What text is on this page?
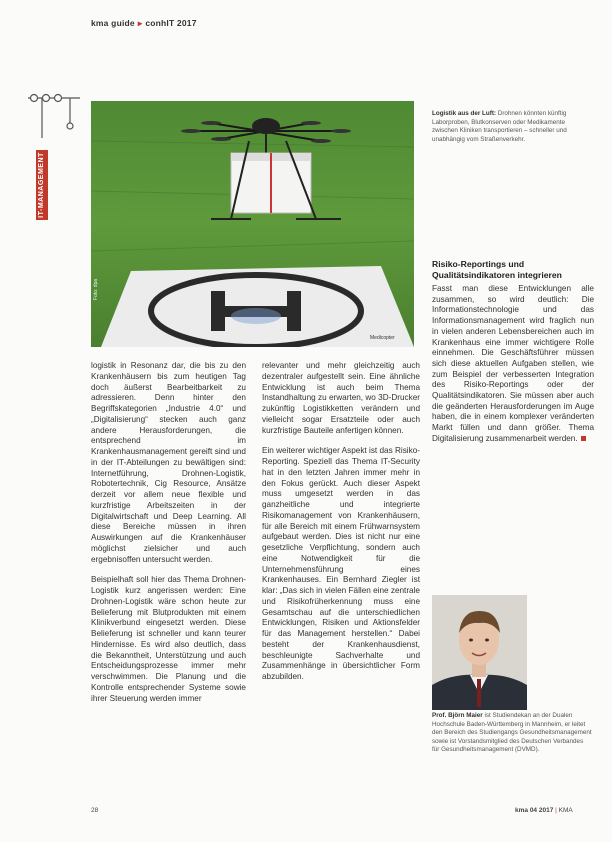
kma guide ▸ conhIT 2017
IT-MANAGEMENT
Foto: dpa
Medicopter
Logistik aus der Luft: Drohnen könnten künftig Laborproben, Blutkonserven oder Medikamente zwischen Kliniken transportieren – schneller und unabhängig vom Straßenverkehr.
Risiko-Reportings und Qualitätsindikatoren integrieren

Fasst man diese Entwicklungen alle zusammen, so wird deutlich: Die Informationstechnologie und das Informationsmanagement wird fraglich nun in vielen anderen Lebensbereichen auch im Krankenhaus eine immer wichtigere Rolle einnehmen. Die Geschäftsführer müssen sich diese aktuellen Aufgaben stellen, wie zum Beispiel der verbesserten Integration des Risiko-Reportings oder der Qualitätsindikatoren. Sie müssen aber auch die geänderten Herausforderungen im Auge haben, die in einem komplexer veränderten Markt füllen und dann größer. Thema Digitalisierung zusammenarbeit werden.

logistik in Resonanz dar, die bis zu den Krankenhäusern bis zum heutigen Tag doch äußerst Bearbeitbarkeit zu adressieren. Denn hinter den Begriffskategorien „Industrie 4.0“ und „Digitalisierung“ stecken auch ganz andere Herausforderungen, die entsprechend im Krankenhausmanagement gereift sind und in der IT-Abteilungen zu bewältigen sind: Internetführung, Drohnen-Logistik, Robotertechnik, Cig Resource, Ansätze derzeit vor allem neue flexible und kurzfristige Arbeitszeiten in der Digitalwirtschaft und Deep Learning. All diese Bereiche müssen in ihren Auswirkungen auf die Krankenhäuser möglichst zielsicher und auch ergebnisoffen untersucht werden.

Beispielhaft soll hier das Thema Drohnen-Logistik kurz angerissen werden: Eine Drohnen-Logistik wäre schon heute zur Belieferung mit Blutprodukten mit einem Klinikverbund eingesetzt werden. Diese Belieferung ist schneller und kann teurer Hindernisse. Es wird also deutlich, dass die Bekanntheit, Unterstützung und auch Entscheidungsprozesse immer mehr verschwimmen. Die Planung und die Kontrolle entsprechender Systeme sowie ihrer Steuerung werden immer

relevanter und mehr gleichzeitig auch dezentraler aufgestellt sein. Eine ähnliche Entwicklung ist auch beim Thema Instandhaltung zu erwarten, wo 3D-Drucker zukünftig Logistikketten verändern und vielleicht sogar Ersatzteile oder auch kurzfristige Bauteile anfertigen können.

Ein weiterer wichtiger Aspekt ist das Risiko-Reporting. Speziell das Thema IT-Security hat in den letzten Jahren immer mehr in den Fokus gerückt. Auch dieser Aspekt muss umgesetzt werden in das ganzheitliche und integrierte Risikomanagement von Krankenhäusern, für alle Bereich mit einem Frühwarnsystem aufgebaut werden. Dies ist nicht nur eine gesetzliche Verpflichtung, sondern auch eine Notwendigkeit für die Unternehmensführung eines Krankenhauses. Ein Bernhard Ziegler ist klar: „Das sich in vielen Fällen eine zentrale und Risikofrüherkennung muss eine Gesamtschau auf die unterschiedlichen Entwicklungen, Risiken und Aktionsfelder für das Management herstellen.“ Dabei besteht der Krankenhausdienst, beschleunigte Sachverhalte und Zusammenhänge in übersichtlicher Form abzubilden.

Prof. Björn Maier ist Studiendekan an der Dualen Hochschule Baden-Württemberg in Mannheim, er leitet den Bereich des Studiengangs Gesundheitsmanagement sowie ist Vorstandsmitglied des Deutschen Verbandes für Gesundheitsmanagement (DVMD).
28	kma 04 2017 | KMA
